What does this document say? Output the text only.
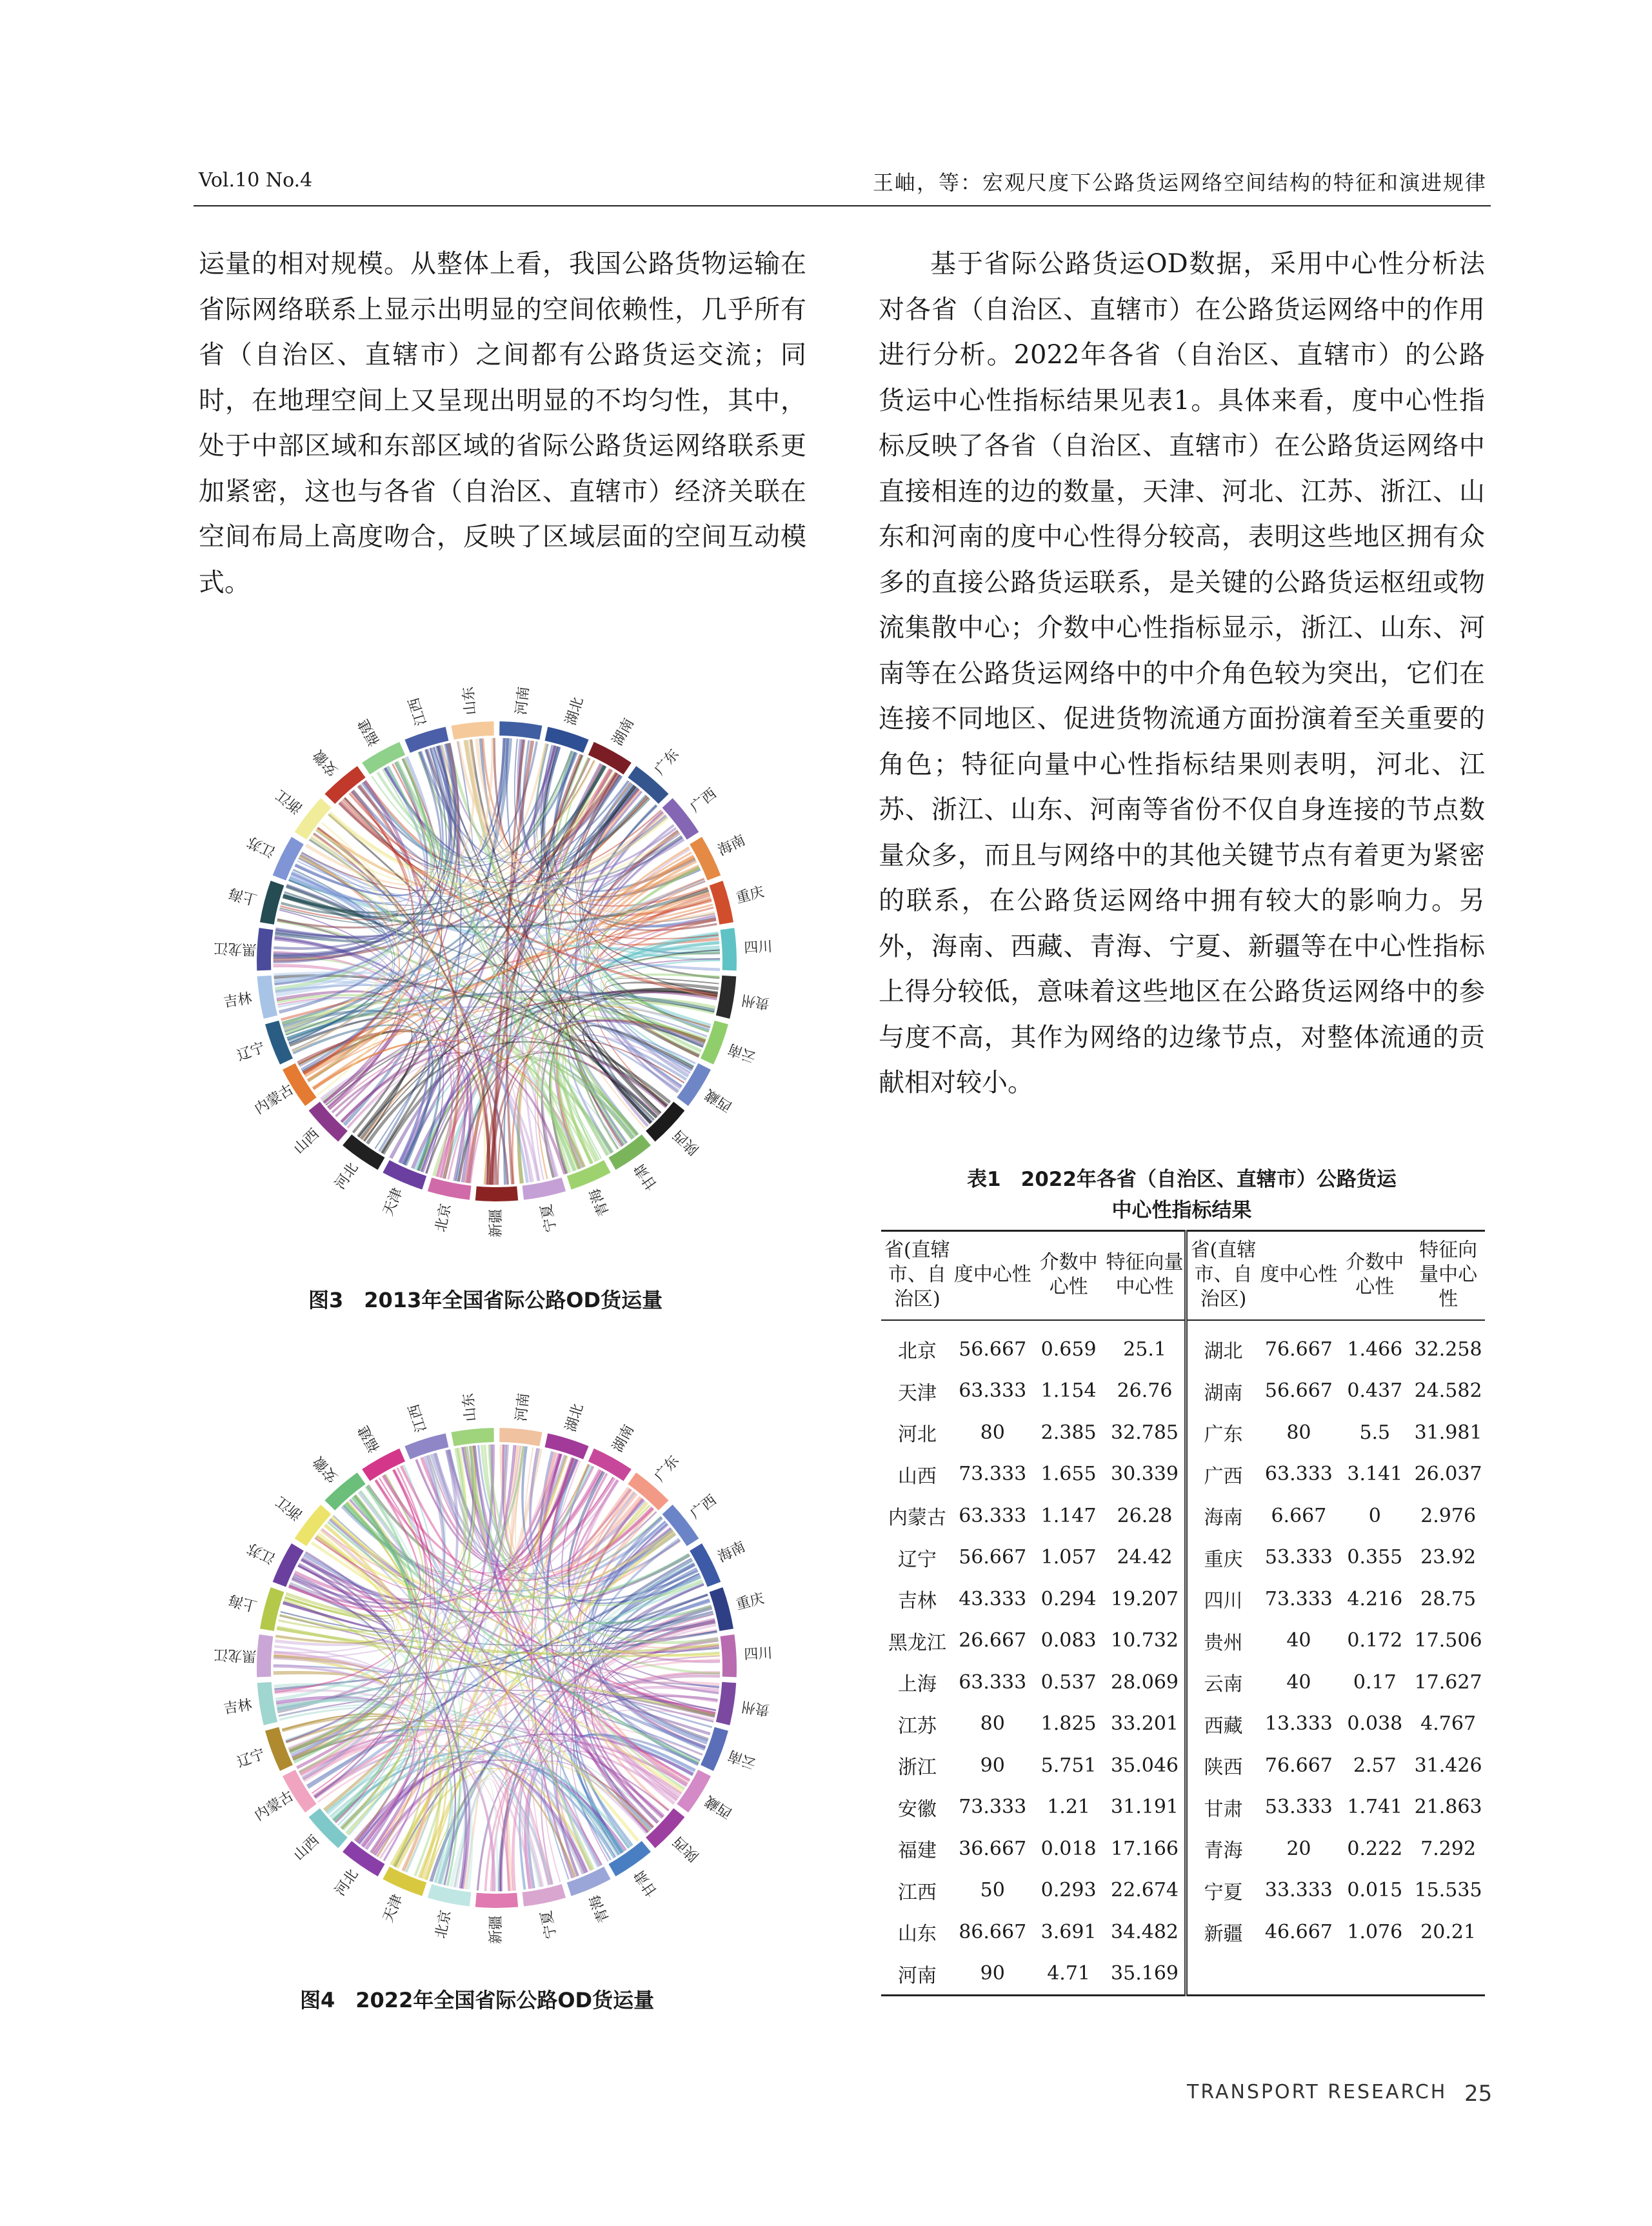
Vol.10 No.4	王岫，等：宏观尺度下公路货运网络空间结构的特征和演进规律

运量的相对规模。从整体上看，我国公路货物运输在省际网络联系上显示出明显的空间依赖性，几乎所有省（自治区、直辖市）之间都有公路货运交流；同时，在地理空间上又呈现出明显的不均匀性，其中，处于中部区域和东部区域的省际公路货运网络联系更加紧密，这也与各省（自治区、直辖市）经济关联在空间布局上高度吻合，反映了区域层面的空间互动模式。

基于省际公路货运OD数据，采用中心性分析法对各省（自治区、直辖市）在公路货运网络中的作用进行分析。2022年各省（自治区、直辖市）的公路货运中心性指标结果见表1。具体来看，度中心性指标反映了各省（自治区、直辖市）在公路货运网络中直接相连的边的数量，天津、河北、江苏、浙江、山东和河南的度中心性得分较高，表明这些地区拥有众多的直接公路货运联系，是关键的公路货运枢纽或物流集散中心；介数中心性指标显示，浙江、山东、河南等在公路货运网络中的中介角色较为突出，它们在连接不同地区、促进货物流通方面扮演着至关重要的角色；特征向量中心性指标结果则表明，河北、江苏、浙江、山东、河南等省份不仅自身连接的节点数量众多，而且与网络中的其他关键节点有着更为紧密的联系，在公路货运网络中拥有较大的影响力。另外，海南、西藏、青海、宁夏、新疆等在中心性指标上得分较低，意味着这些地区在公路货运网络中的参与度不高，其作为网络的边缘节点，对整体流通的贡献相对较小。

河南 湖北
湖南
广东
广西
海南
重庆
四川
贵州
云南
西藏
陕西
甘肃
青海
宁夏
新疆
北京
天津
河北
山西
内蒙古
辽宁
吉林
黑龙江
上海
江苏
浙江
安徽
福建
江西 山东
图3　2013年全国省际公路OD货运量
河南 湖北
湖南
广东
广西
海南
重庆
四川
贵州
云南
西藏
陕西
甘肃
青海
宁夏
新疆
北京
天津
河北
山西
内蒙古
辽宁
吉林
黑龙江
上海
江苏
浙江
安徽
福建
江西 山东
图4　2022年全国省际公路OD货运量
表1　2022年各省（自治区、直辖市）公路货运
中心性指标结果
省(直辖市、自治区)	度中心性	介数中心性	特征向量中心性	省(直辖市、自治区)	度中心性	介数中心性	特征向量中心性
北京	56.667	0.659	25.1	湖北	76.667	1.466	32.258
天津	63.333	1.154	26.76	湖南	56.667	0.437	24.582
河北	80	2.385	32.785	广东	80	5.5	31.981
山西	73.333	1.655	30.339	广西	63.333	3.141	26.037
内蒙古	63.333	1.147	26.28	海南	6.667	0	2.976
辽宁	56.667	1.057	24.42	重庆	53.333	0.355	23.92
吉林	43.333	0.294	19.207	四川	73.333	4.216	28.75
黑龙江	26.667	0.083	10.732	贵州	40	0.172	17.506
上海	63.333	0.537	28.069	云南	40	0.17	17.627
江苏	80	1.825	33.201	西藏	13.333	0.038	4.767
浙江	90	5.751	35.046	陕西	76.667	2.57	31.426
安徽	73.333	1.21	31.191	甘肃	53.333	1.741	21.863
福建	36.667	0.018	17.166	青海	20	0.222	7.292
江西	50	0.293	22.674	宁夏	33.333	0.015	15.535
山东	86.667	3.691	34.482	新疆	46.667	1.076	20.21
河南	90	4.71	35.169				
TRANSPORT RESEARCH 25
